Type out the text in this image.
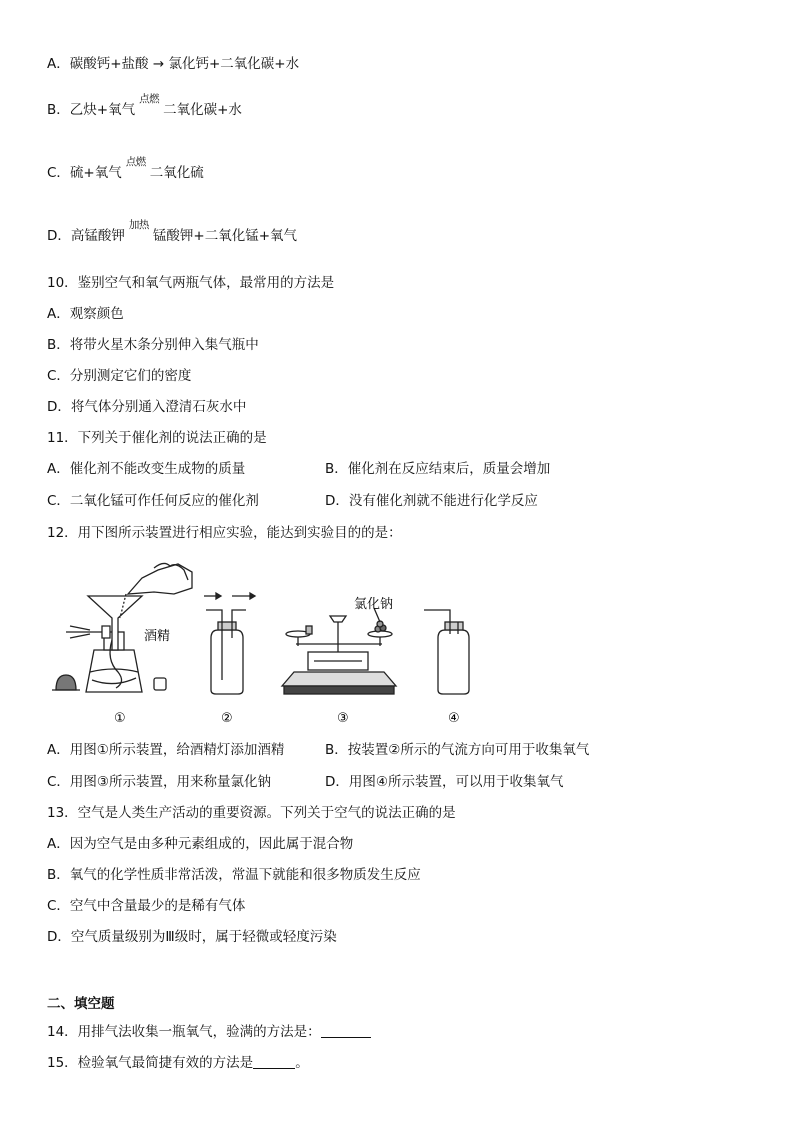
A．碳酸钙+盐酸 → 氯化钙+二氧化碳+水
B．乙炔+氧气
点燃
二氧化碳+水
C．硫+氧气
点燃
二氧化硫
D．高锰酸钾
加热
锰酸钾+二氧化锰+氧气
10．鉴别空气和氧气两瓶气体，最常用的方法是
A．观察颜色
B．将带火星木条分别伸入集气瓶中
C．分别测定它们的密度
D．将气体分别通入澄清石灰水中
11．下列关于催化剂的说法正确的是
A．催化剂不能改变生成物的质量	B．催化剂在反应结束后，质量会增加
C．二氧化锰可作任何反应的催化剂	D．没有催化剂就不能进行化学反应
12．用下图所示装置进行相应实验，能达到实验目的的是：
酒精
氯化钠
①	②	③	④
A．用图①所示装置，给酒精灯添加酒精	B．按装置②所示的气流方向可用于收集氧气
C．用图③所示装置，用来称量氯化钠	D．用图④所示装置，可以用于收集氧气
13．空气是人类生产活动的重要资源。下列关于空气的说法正确的是
A．因为空气是由多种元素组成的，因此属于混合物
B．氧气的化学性质非常活泼，常温下就能和很多物质发生反应
C．空气中含量最少的是稀有气体
D．空气质量级别为Ⅲ级时，属于轻微或轻度污染
二、填空题
14．用排气法收集一瓶氧气，验满的方法是：
15．检验氧气最简捷有效的方法是	。
